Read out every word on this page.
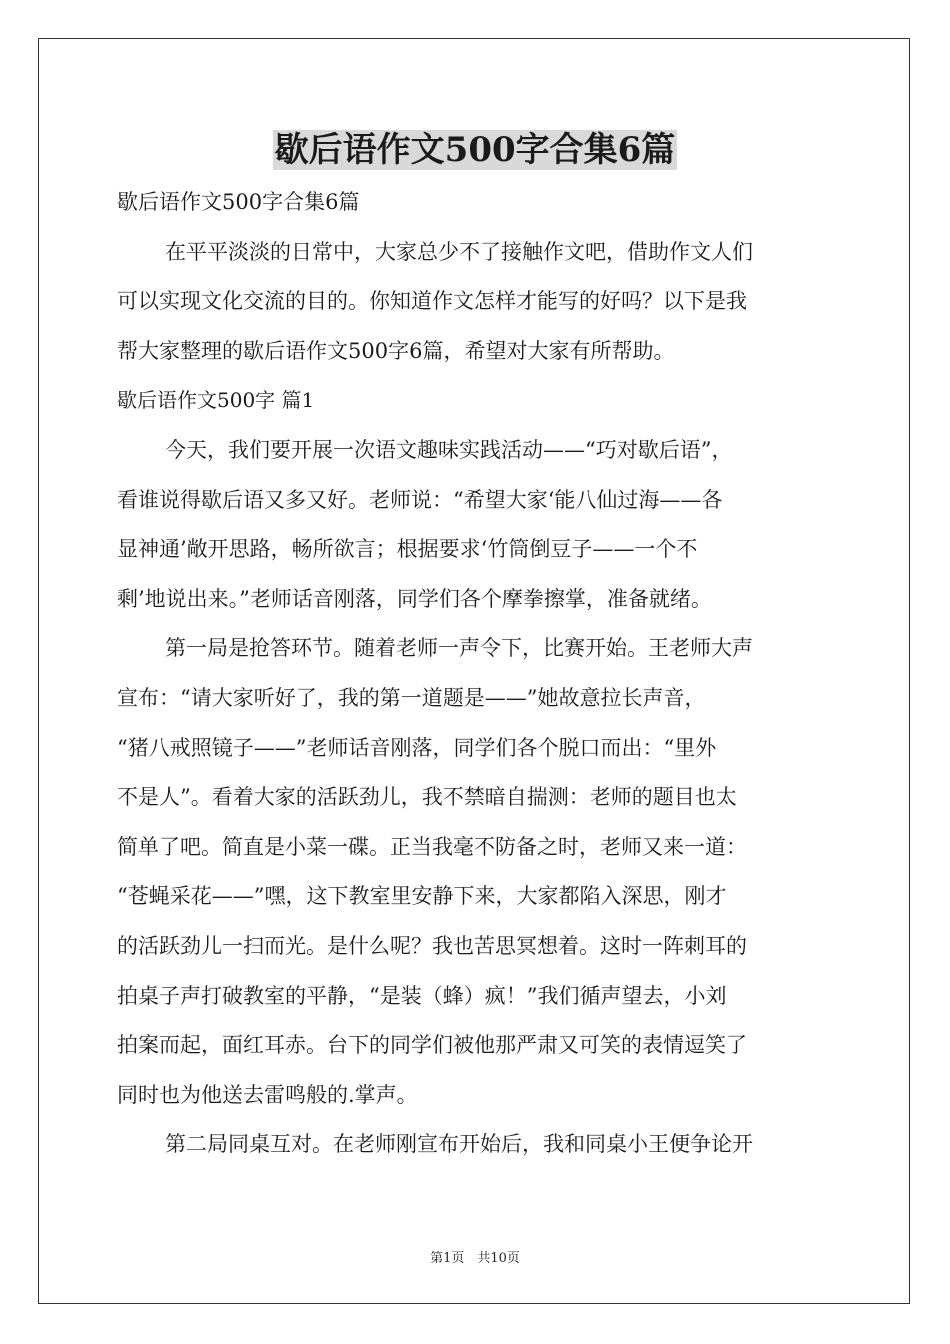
歇后语作文500字合集6篇
歇后语作文500字合集6篇
在平平淡淡的日常中，大家总少不了接触作文吧，借助作文人们
可以实现文化交流的目的。你知道作文怎样才能写的好吗？以下是我
帮大家整理的歇后语作文500字6篇，希望对大家有所帮助。
歇后语作文500字 篇1
今天，我们要开展一次语文趣味实践活动——“巧对歇后语”，
看谁说得歇后语又多又好。老师说：“希望大家‘能八仙过海——各
显神通’敞开思路，畅所欲言；根据要求‘竹筒倒豆子——一个不
剩’地说出来。”老师话音刚落，同学们各个摩拳擦掌，准备就绪。
第一局是抢答环节。随着老师一声令下，比赛开始。王老师大声
宣布：“请大家听好了，我的第一道题是——”她故意拉长声音，
“猪八戒照镜子——”老师话音刚落，同学们各个脱口而出：“里外
不是人”。看着大家的活跃劲儿，我不禁暗自揣测：老师的题目也太
简单了吧。简直是小菜一碟。正当我毫不防备之时，老师又来一道：
“苍蝇采花——”嘿，这下教室里安静下来，大家都陷入深思，刚才
的活跃劲儿一扫而光。是什么呢？我也苦思冥想着。这时一阵刺耳的
拍桌子声打破教室的平静，“是装（蜂）疯！”我们循声望去，小刘
拍案而起，面红耳赤。台下的同学们被他那严肃又可笑的表情逗笑了
同时也为他送去雷鸣般的.掌声。
第二局同桌互对。在老师刚宣布开始后，我和同桌小王便争论开
第1页　共10页
